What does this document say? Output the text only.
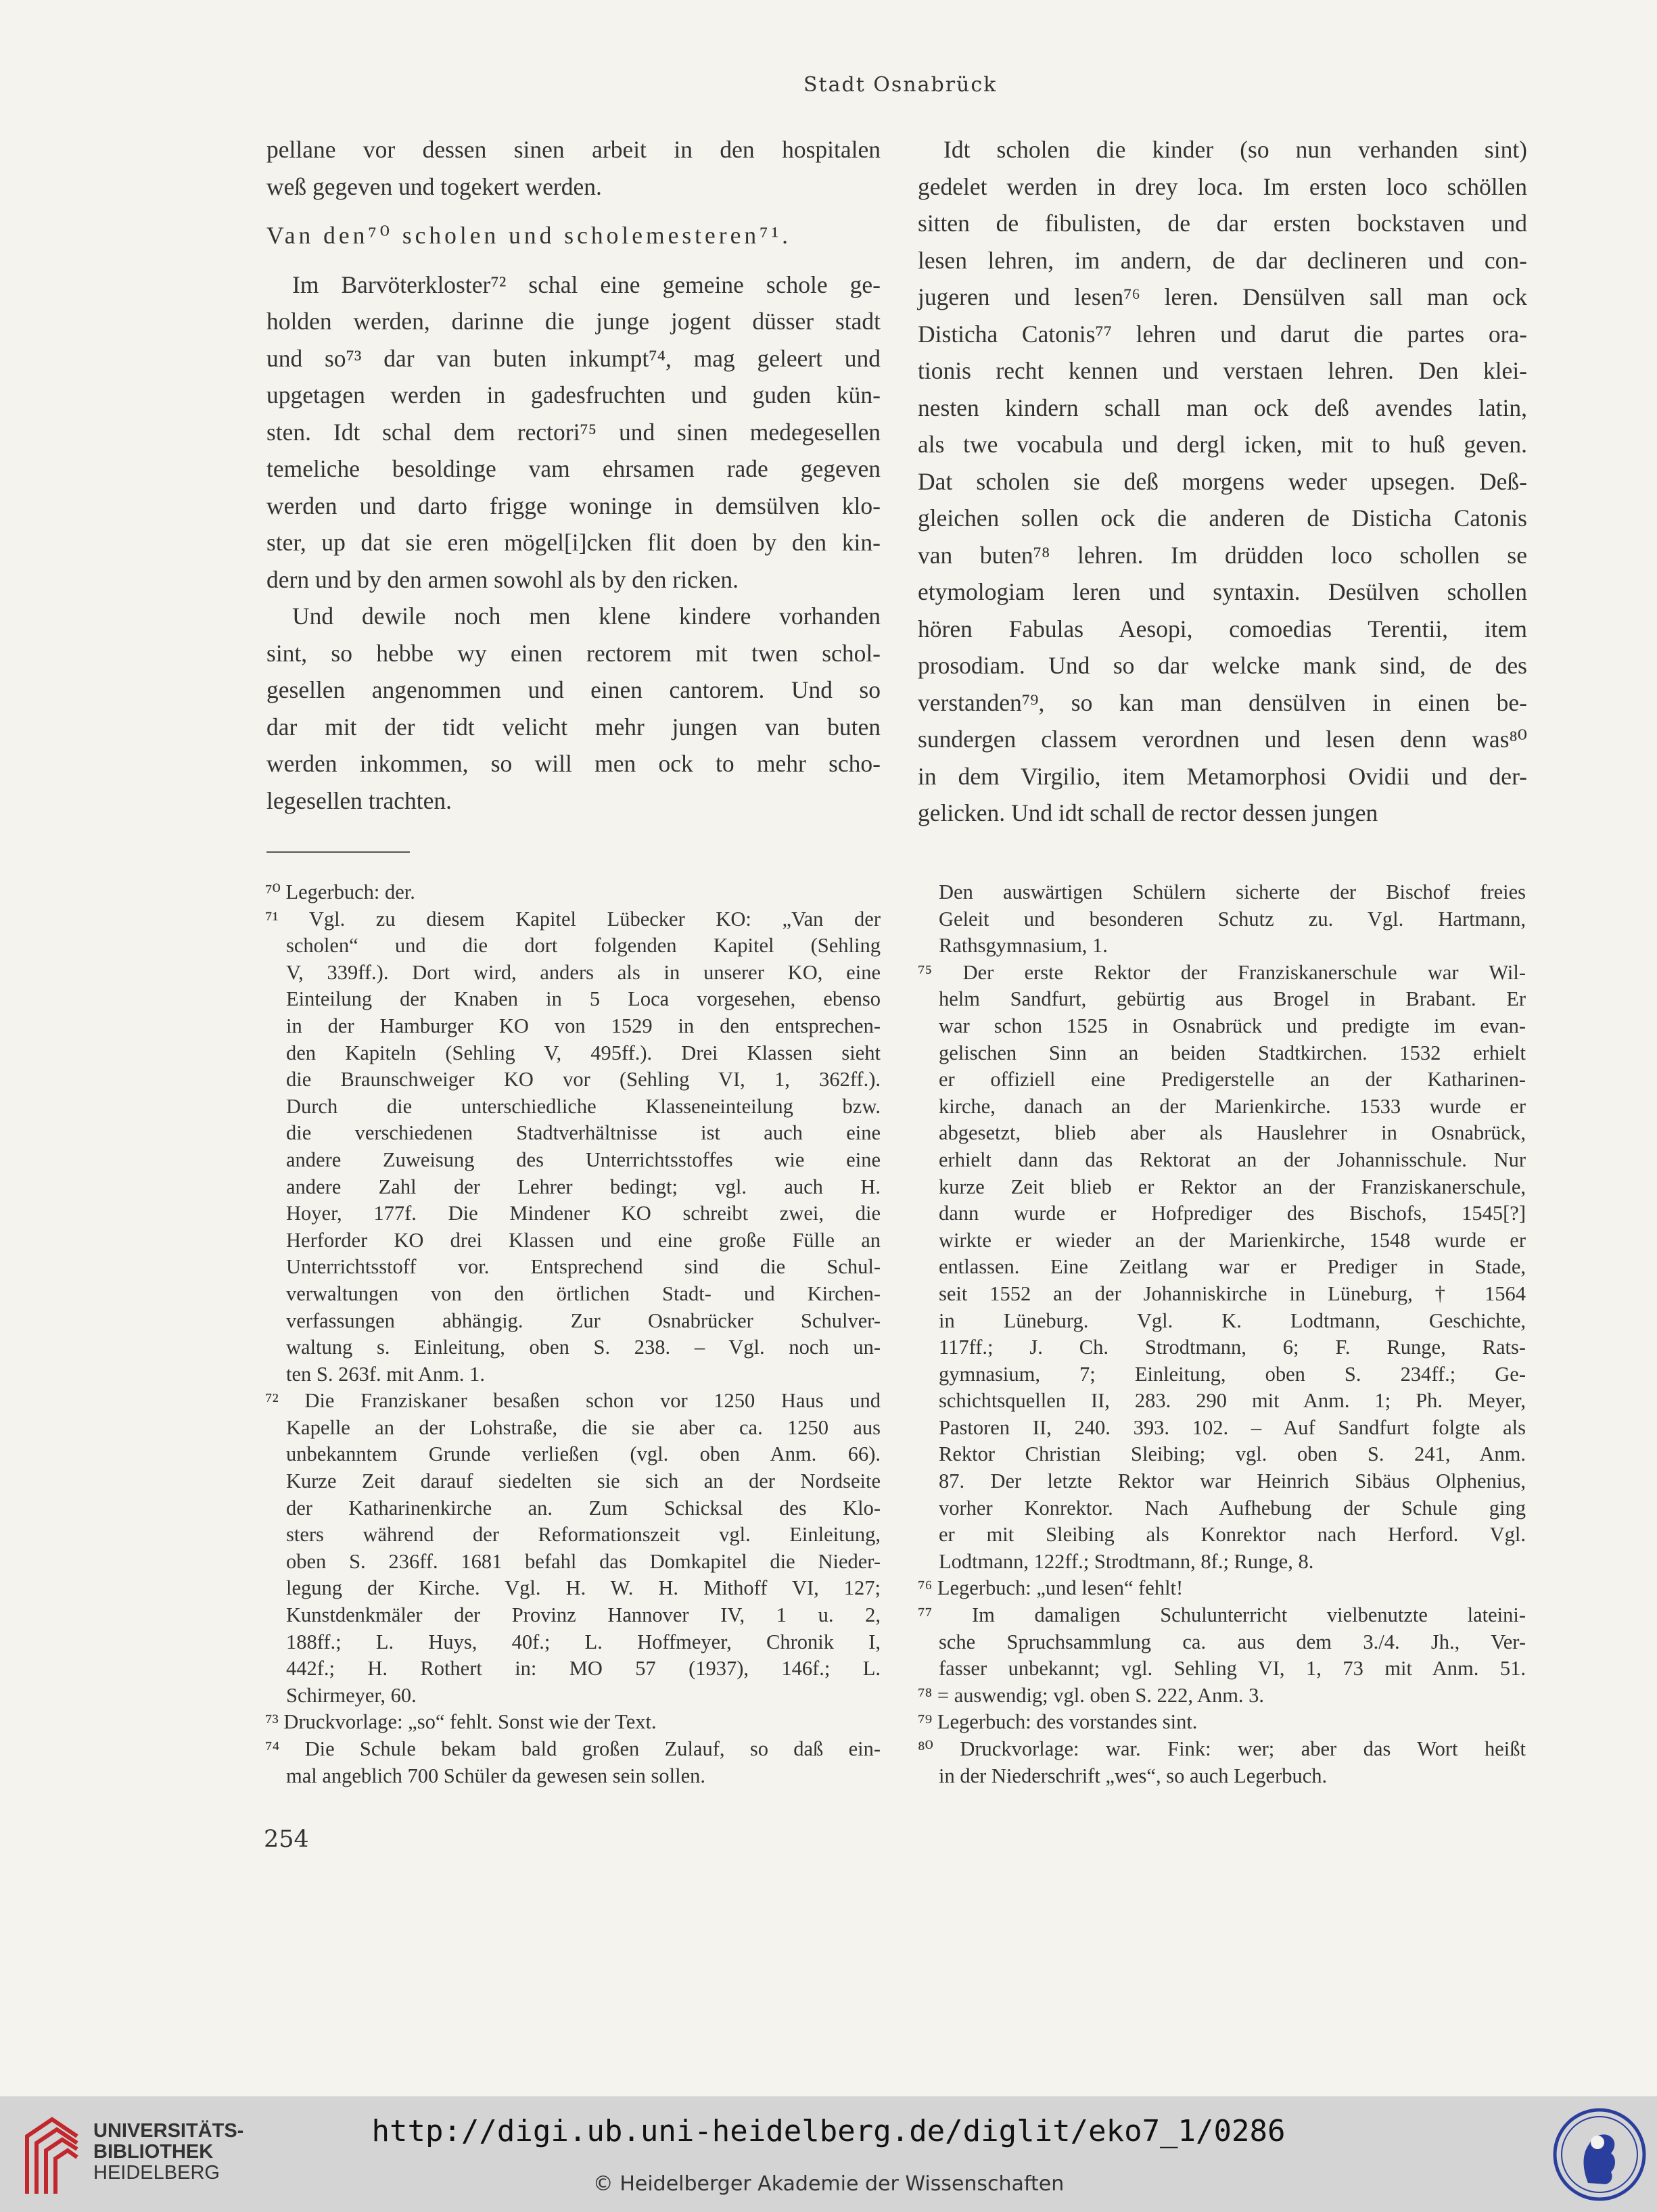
Stadt Osnabrück
pellane vor dessen sinen arbeit in den hospitalen
weß gegeven und togekert werden.
Van den⁷⁰ scholen und scholemesteren⁷¹.
Im Barvöterkloster⁷² schal eine gemeine schole ge-
holden werden, darinne die junge jogent düsser stadt
und so⁷³ dar van buten inkumpt⁷⁴, mag geleert und
upgetagen werden in gadesfruchten und guden kün-
sten. Idt schal dem rectori⁷⁵ und sinen medegesellen
temeliche besoldinge vam ehrsamen rade gegeven
werden und darto frigge woninge in demsülven klo-
ster, up dat sie eren mögel[i]cken flit doen by den kin-
dern und by den armen sowohl als by den ricken.
Und dewile noch men klene kindere vorhanden
sint, so hebbe wy einen rectorem mit twen schol-
gesellen angenommen und einen cantorem. Und so
dar mit der tidt velicht mehr jungen van buten
werden inkommen, so will men ock to mehr scho-
legesellen trachten.
Idt scholen die kinder (so nun verhanden sint)
gedelet werden in drey loca. Im ersten loco schöllen
sitten de fibulisten, de dar ersten bockstaven und
lesen lehren, im andern, de dar declineren und con-
jugeren und lesen⁷⁶ leren. Densülven sall man ock
Disticha Catonis⁷⁷ lehren und darut die partes ora-
tionis recht kennen und verstaen lehren. Den klei-
nesten kindern schall man ock deß avendes latin,
als twe vocabula und dergl icken, mit to huß geven.
Dat scholen sie deß morgens weder upsegen. Deß-
gleichen sollen ock die anderen de Disticha Catonis
van buten⁷⁸ lehren. Im drüdden loco schollen se
etymologiam leren und syntaxin. Desülven schollen
hören Fabulas Aesopi, comoedias Terentii, item
prosodiam. Und so dar welcke mank sind, de des
verstanden⁷⁹, so kan man densülven in einen be-
sundergen classem verordnen und lesen denn was⁸⁰
in dem Virgilio, item Metamorphosi Ovidii und der-
gelicken. Und idt schall de rector dessen jungen
⁷⁰ Legerbuch: der.
⁷¹ Vgl. zu diesem Kapitel Lübecker KO: „Van der
scholen“ und die dort folgenden Kapitel (Sehling
V, 339ff.). Dort wird, anders als in unserer KO, eine
Einteilung der Knaben in 5 Loca vorgesehen, ebenso
in der Hamburger KO von 1529 in den entsprechen-
den Kapiteln (Sehling V, 495ff.). Drei Klassen sieht
die Braunschweiger KO vor (Sehling VI, 1, 362ff.).
Durch die unterschiedliche Klasseneinteilung bzw.
die verschiedenen Stadtverhältnisse ist auch eine
andere Zuweisung des Unterrichtsstoffes wie eine
andere Zahl der Lehrer bedingt; vgl. auch H.
Hoyer, 177f. Die Mindener KO schreibt zwei, die
Herforder KO drei Klassen und eine große Fülle an
Unterrichtsstoff vor. Entsprechend sind die Schul-
verwaltungen von den örtlichen Stadt- und Kirchen-
verfassungen abhängig. Zur Osnabrücker Schulver-
waltung s. Einleitung, oben S. 238. – Vgl. noch un-
ten S. 263f. mit Anm. 1.
⁷² Die Franziskaner besaßen schon vor 1250 Haus und
Kapelle an der Lohstraße, die sie aber ca. 1250 aus
unbekanntem Grunde verließen (vgl. oben Anm. 66).
Kurze Zeit darauf siedelten sie sich an der Nordseite
der Katharinenkirche an. Zum Schicksal des Klo-
sters während der Reformationszeit vgl. Einleitung,
oben S. 236ff. 1681 befahl das Domkapitel die Nieder-
legung der Kirche. Vgl. H. W. H. Mithoff VI, 127;
Kunstdenkmäler der Provinz Hannover IV, 1 u. 2,
188ff.; L. Huys, 40f.; L. Hoffmeyer, Chronik I,
442f.; H. Rothert in: MO 57 (1937), 146f.; L.
Schirmeyer, 60.
⁷³ Druckvorlage: „so“ fehlt. Sonst wie der Text.
⁷⁴ Die Schule bekam bald großen Zulauf, so daß ein-
mal angeblich 700 Schüler da gewesen sein sollen.
Den auswärtigen Schülern sicherte der Bischof freies
Geleit und besonderen Schutz zu. Vgl. Hartmann,
Rathsgymnasium, 1.
⁷⁵ Der erste Rektor der Franziskanerschule war Wil-
helm Sandfurt, gebürtig aus Brogel in Brabant. Er
war schon 1525 in Osnabrück und predigte im evan-
gelischen Sinn an beiden Stadtkirchen. 1532 erhielt
er offiziell eine Predigerstelle an der Katharinen-
kirche, danach an der Marienkirche. 1533 wurde er
abgesetzt, blieb aber als Hauslehrer in Osnabrück,
erhielt dann das Rektorat an der Johannisschule. Nur
kurze Zeit blieb er Rektor an der Franziskanerschule,
dann wurde er Hofprediger des Bischofs, 1545[?]
wirkte er wieder an der Marienkirche, 1548 wurde er
entlassen. Eine Zeitlang war er Prediger in Stade,
seit 1552 an der Johanniskirche in Lüneburg, † 1564
in Lüneburg. Vgl. K. Lodtmann, Geschichte,
117ff.; J. Ch. Strodtmann, 6; F. Runge, Rats-
gymnasium, 7; Einleitung, oben S. 234ff.; Ge-
schichtsquellen II, 283. 290 mit Anm. 1; Ph. Meyer,
Pastoren II, 240. 393. 102. – Auf Sandfurt folgte als
Rektor Christian Sleibing; vgl. oben S. 241, Anm.
87. Der letzte Rektor war Heinrich Sibäus Olphenius,
vorher Konrektor. Nach Aufhebung der Schule ging
er mit Sleibing als Konrektor nach Herford. Vgl.
Lodtmann, 122ff.; Strodtmann, 8f.; Runge, 8.
⁷⁶ Legerbuch: „und lesen“ fehlt!
⁷⁷ Im damaligen Schulunterricht vielbenutzte lateini-
sche Spruchsammlung ca. aus dem 3./4. Jh., Ver-
fasser unbekannt; vgl. Sehling VI, 1, 73 mit Anm. 51.
⁷⁸ = auswendig; vgl. oben S. 222, Anm. 3.
⁷⁹ Legerbuch: des vorstandes sint.
⁸⁰ Druckvorlage: war. Fink: wer; aber das Wort heißt
in der Niederschrift „wes“, so auch Legerbuch.
254
UNIVERSITÄTS-
BIBLIOTHEK
HEIDELBERG
http://digi.ub.uni-heidelberg.de/diglit/eko7_1/0286
© Heidelberger Akademie der Wissenschaften
